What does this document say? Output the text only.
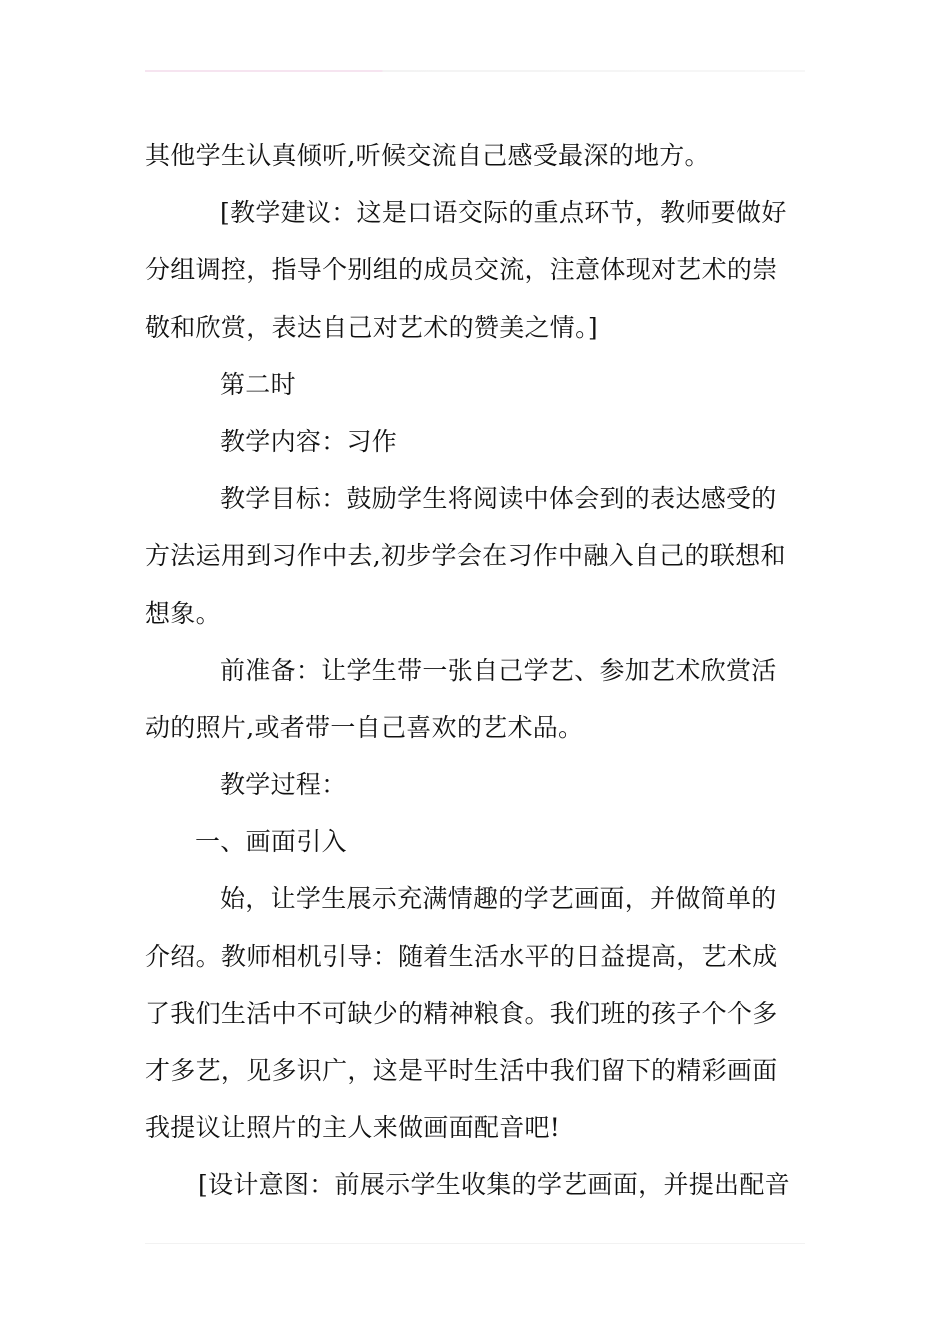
其他学生认真倾听,听候交流自己感受最深的地方。
[教学建议：这是口语交际的重点环节，教师要做好
分组调控，指导个别组的成员交流，注意体现对艺术的崇
敬和欣赏，表达自己对艺术的赞美之情。]
第二时
教学内容：习作
教学目标：鼓励学生将阅读中体会到的表达感受的
方法运用到习作中去,初步学会在习作中融入自己的联想和
想象。
前准备：让学生带一张自己学艺、参加艺术欣赏活
动的照片,或者带一自己喜欢的艺术品。
教学过程：
一、画面引入
始，让学生展示充满情趣的学艺画面，并做简单的
介绍。教师相机引导：随着生活水平的日益提高，艺术成
了我们生活中不可缺少的精神粮食。我们班的孩子个个多
才多艺，见多识广，这是平时生活中我们留下的精彩画面
我提议让照片的主人来做画面配音吧!
[设计意图：前展示学生收集的学艺画面，并提出配音
